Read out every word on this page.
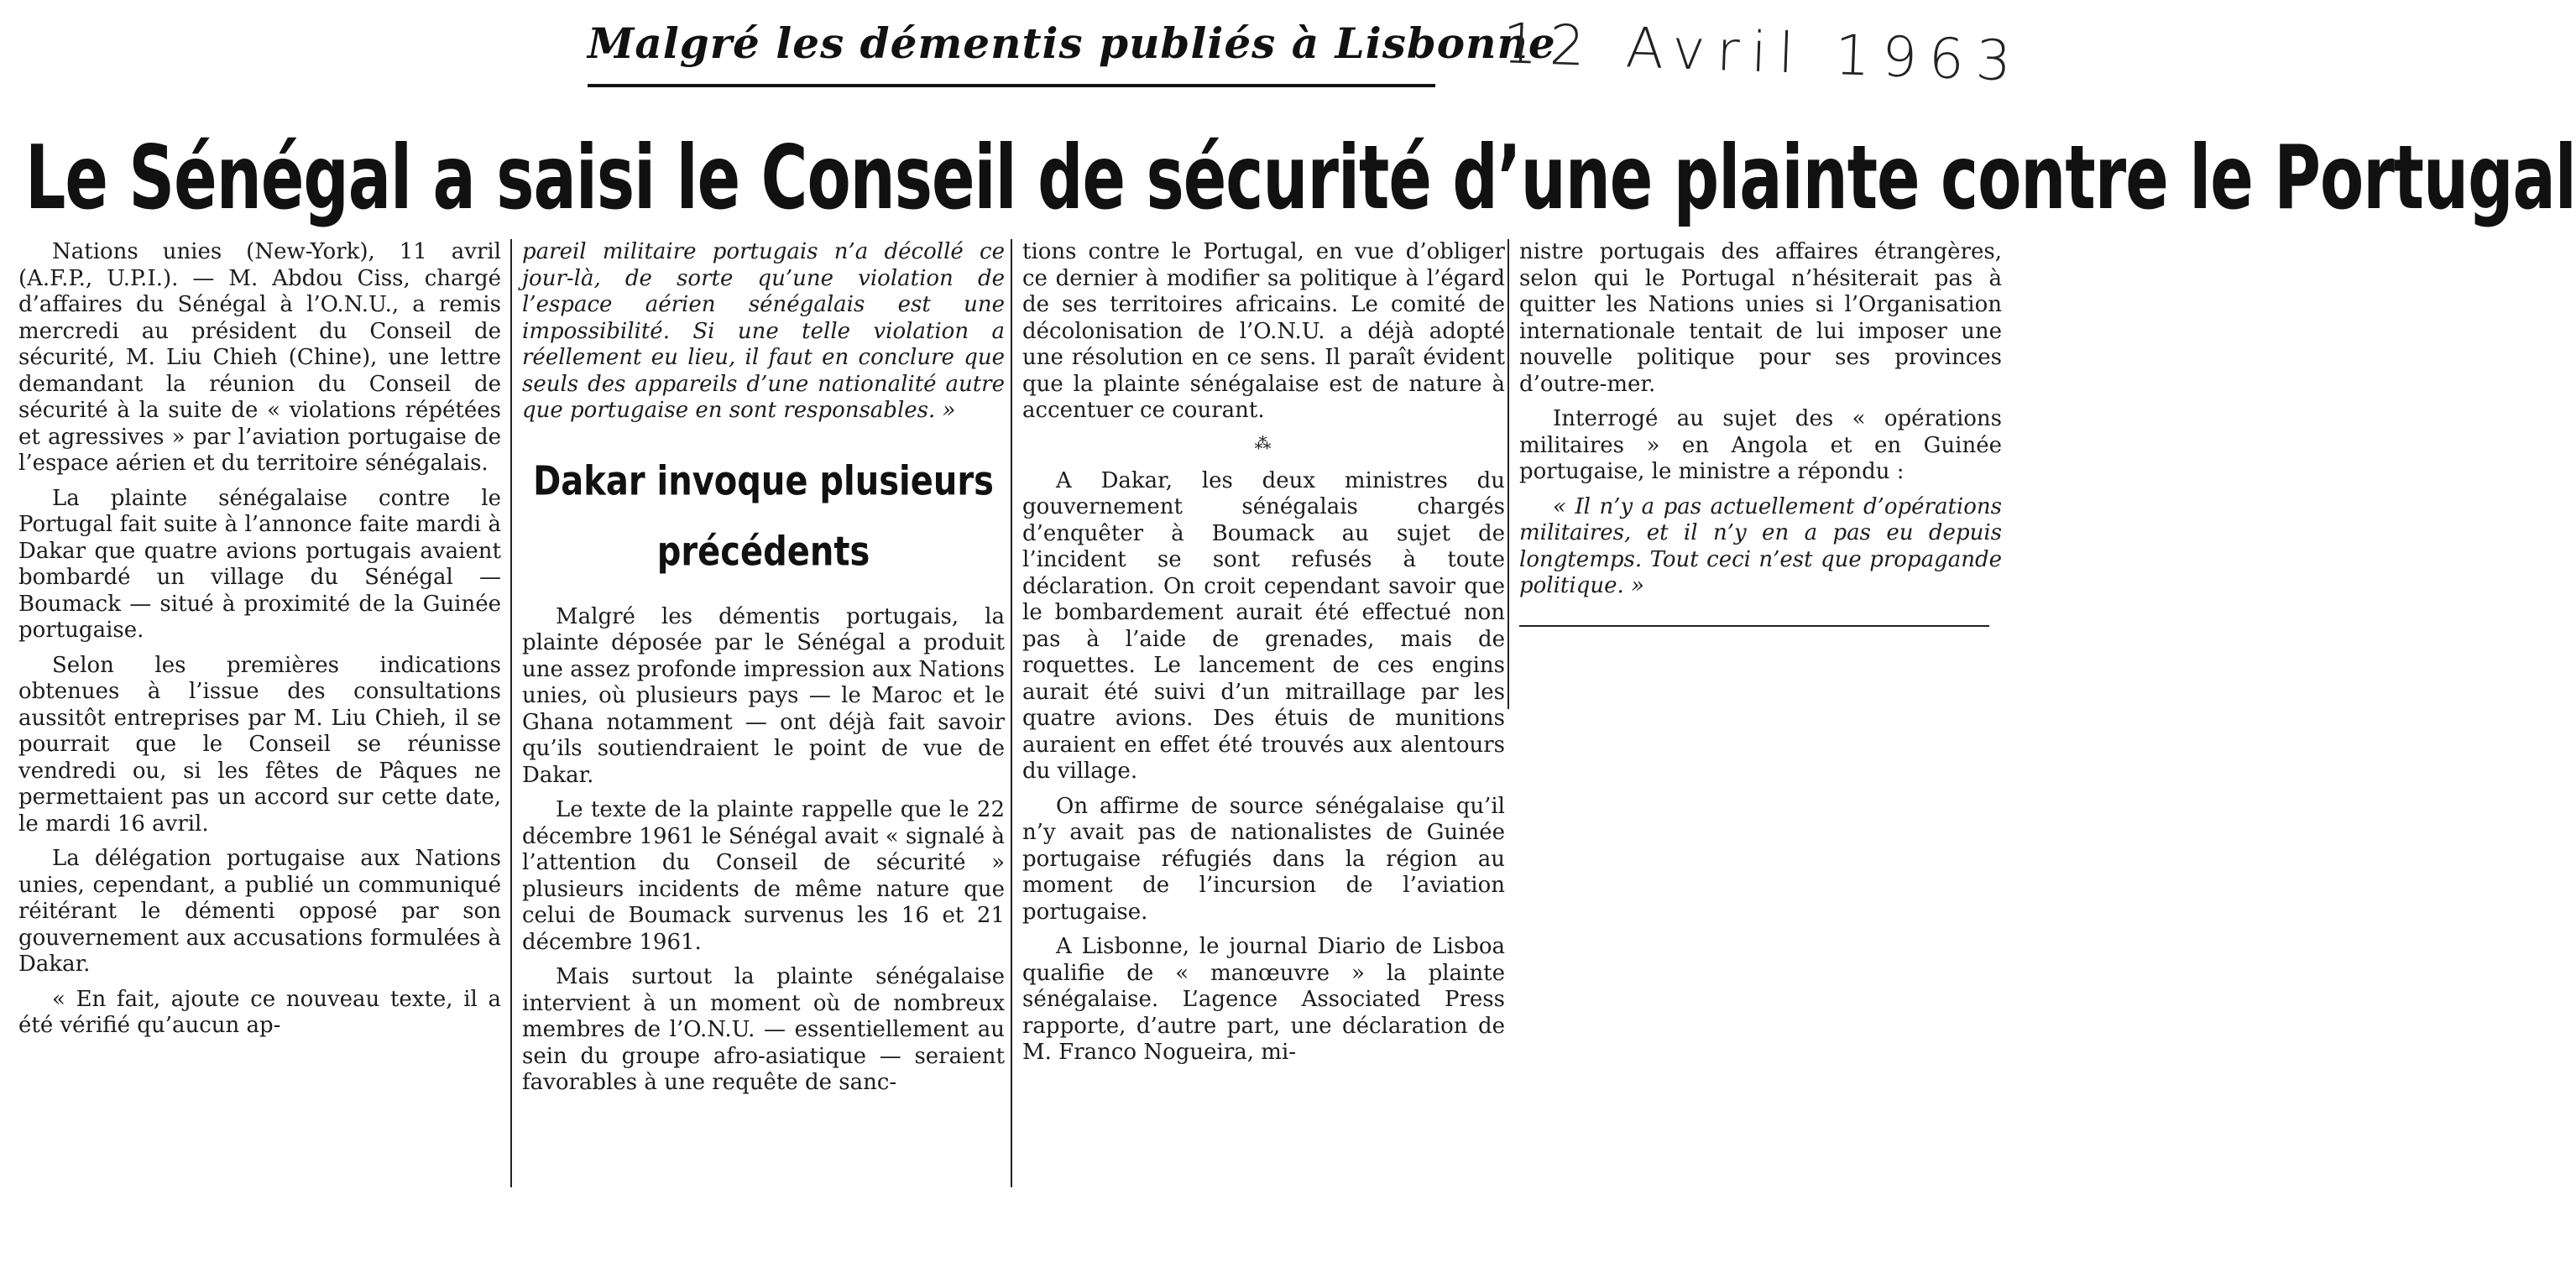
Malgré les démentis publiés à Lisbonne
12 Avril 1963
Le Sénégal a saisi le Conseil de sécurité d’une plainte contre le Portugal

Nations unies (New-York), 11 avril (A.F.P., U.P.I.). — M. Abdou Ciss, chargé d’affaires du Sénégal à l’O.N.U., a remis mercredi au président du Conseil de sécurité, M. Liu Chieh (Chine), une lettre demandant la réunion du Conseil de sécurité à la suite de « violations répétées et agressives » par l’aviation portugaise de l’espace aérien et du territoire sénégalais.

La plainte sénégalaise contre le Portugal fait suite à l’annonce faite mardi à Dakar que quatre avions portugais avaient bombardé un village du Sénégal — Boumack — situé à proximité de la Guinée portugaise.

Selon les premières indications obtenues à l’issue des consultations aussitôt entreprises par M. Liu Chieh, il se pourrait que le Conseil se réunisse vendredi ou, si les fêtes de Pâques ne permettaient pas un accord sur cette date, le mardi 16 avril.

La délégation portugaise aux Nations unies, cependant, a publié un communiqué réitérant le démenti opposé par son gouvernement aux accusations formulées à Dakar.

« En fait, ajoute ce nouveau texte, il a été vérifié qu’aucun ap-

pareil militaire portugais n’a décollé ce jour-là, de sorte qu’une violation de l’espace aérien sénégalais est une impossibilité. Si une telle violation a réellement eu lieu, il faut en conclure que seuls des appareils d’une nationalité autre que portugaise en sont responsables. »

Dakar invoque plusieurs précédents

Malgré les démentis portugais, la plainte déposée par le Sénégal a produit une assez profonde impression aux Nations unies, où plusieurs pays — le Maroc et le Ghana notamment — ont déjà fait savoir qu’ils soutiendraient le point de vue de Dakar.

Le texte de la plainte rappelle que le 22 décembre 1961 le Sénégal avait « signalé à l’attention du Conseil de sécurité » plusieurs incidents de même nature que celui de Boumack survenus les 16 et 21 décembre 1961.

Mais surtout la plainte sénégalaise intervient à un moment où de nombreux membres de l’O.N.U. — essentiellement au sein du groupe afro-asiatique — seraient favorables à une requête de sanc-

tions contre le Portugal, en vue d’obliger ce dernier à modifier sa politique à l’égard de ses territoires africains. Le comité de décolonisation de l’O.N.U. a déjà adopté une résolution en ce sens. Il paraît évident que la plainte sénégalaise est de nature à accentuer ce courant.

⁂

A Dakar, les deux ministres du gouvernement sénégalais chargés d’enquêter à Boumack au sujet de l’incident se sont refusés à toute déclaration. On croit cependant savoir que le bombardement aurait été effectué non pas à l’aide de grenades, mais de roquettes. Le lancement de ces engins aurait été suivi d’un mitraillage par les quatre avions. Des étuis de munitions auraient en effet été trouvés aux alentours du village.

On affirme de source sénégalaise qu’il n’y avait pas de nationalistes de Guinée portugaise réfugiés dans la région au moment de l’incursion de l’aviation portugaise.

A Lisbonne, le journal Diario de Lisboa qualifie de « manœuvre » la plainte sénégalaise. L’agence Associated Press rapporte, d’autre part, une déclaration de M. Franco Nogueira, mi-

nistre portugais des affaires étrangères, selon qui le Portugal n’hésiterait pas à quitter les Nations unies si l’Organisation internationale tentait de lui imposer une nouvelle politique pour ses provinces d’outre-mer.

Interrogé au sujet des « opérations militaires » en Angola et en Guinée portugaise, le ministre a répondu :

« Il n’y a pas actuellement d’opérations militaires, et il n’y en a pas eu depuis longtemps. Tout ceci n’est que propagande politique. »
